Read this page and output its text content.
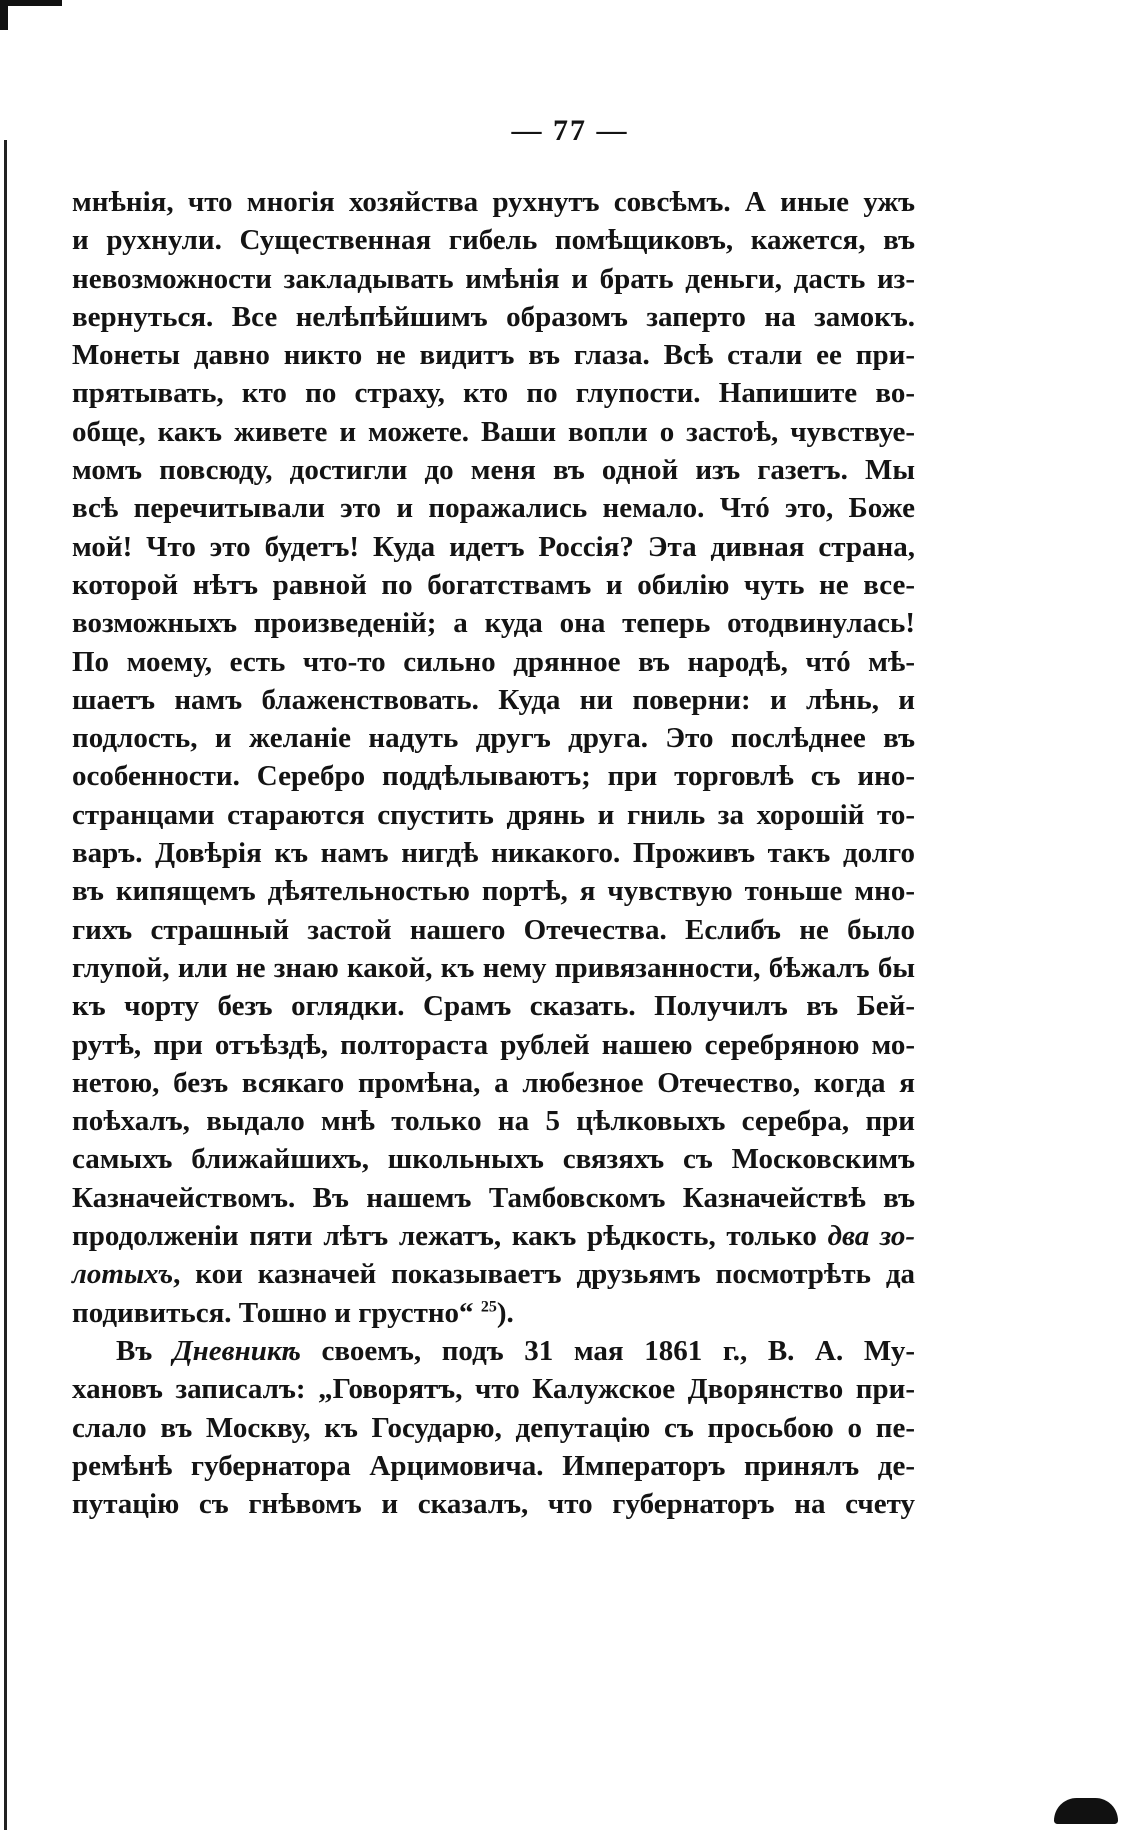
— 77 —
мнѣнія, что многія хозяйства рухнутъ совсѣмъ. А иные ужъ
и рухнули. Существенная гибель помѣщиковъ, кажется, въ
невозможности закладывать имѣнія и брать деньги, дасть из-
вернуться. Все нелѣпѣйшимъ образомъ заперто на замокъ.
Монеты давно никто не видитъ въ глаза. Всѣ стали ее при-
прятывать, кто по страху, кто по глупости. Напишите во-
обще, какъ живете и можете. Ваши вопли о застоѣ, чувствуе-
момъ повсюду, достигли до меня въ одной изъ газетъ. Мы
всѣ перечитывали это и поражались немало. Чтó это, Боже
мой! Что это будетъ! Куда идетъ Россія? Эта дивная страна,
которой нѣтъ равной по богатствамъ и обилію чуть не все-
возможныхъ произведеній; а куда она теперь отодвинулась!
По моему, есть что-то сильно дрянное въ народѣ, чтó мѣ-
шаетъ намъ блаженствовать. Куда ни поверни: и лѣнь, и
подлость, и желаніе надуть другъ друга. Это послѣднее въ
особенности. Серебро поддѣлываютъ; при торговлѣ съ ино-
странцами стараются спустить дрянь и гниль за хорошій то-
варъ. Довѣрія къ намъ нигдѣ никакого. Проживъ такъ долго
въ кипящемъ дѣятельностью портѣ, я чувствую тоньше мно-
гихъ страшный застой нашего Отечества. Еслибъ не было
глупой, или не знаю какой, къ нему привязанности, бѣжалъ бы
къ чорту безъ оглядки. Срамъ сказать. Получилъ въ Бей-
рутѣ, при отъѣздѣ, полтораста рублей нашею серебряною мо-
нетою, безъ всякаго промѣна, а любезное Отечество, когда я
поѣхалъ, выдало мнѣ только на 5 цѣлковыхъ серебра, при
самыхъ ближайшихъ, школьныхъ связяхъ съ Московскимъ
Казначействомъ. Въ нашемъ Тамбовскомъ Казначействѣ въ
продолженіи пяти лѣтъ лежатъ, какъ рѣдкость, только два зо-
лотыхъ, кои казначей показываетъ друзьямъ посмотрѣть да
подивиться. Тошно и грустно“ $^{25}$).
Въ Дневникѣ своемъ, подъ 31 мая 1861 г., В. А. Му-
хановъ записалъ: „Говорятъ, что Калужское Дворянство при-
слало въ Москву, къ Государю, депутацію съ просьбою о пе-
ремѣнѣ губернатора Арцимовича. Императоръ принялъ де-
путацію съ гнѣвомъ и сказалъ, что губернаторъ на счету
